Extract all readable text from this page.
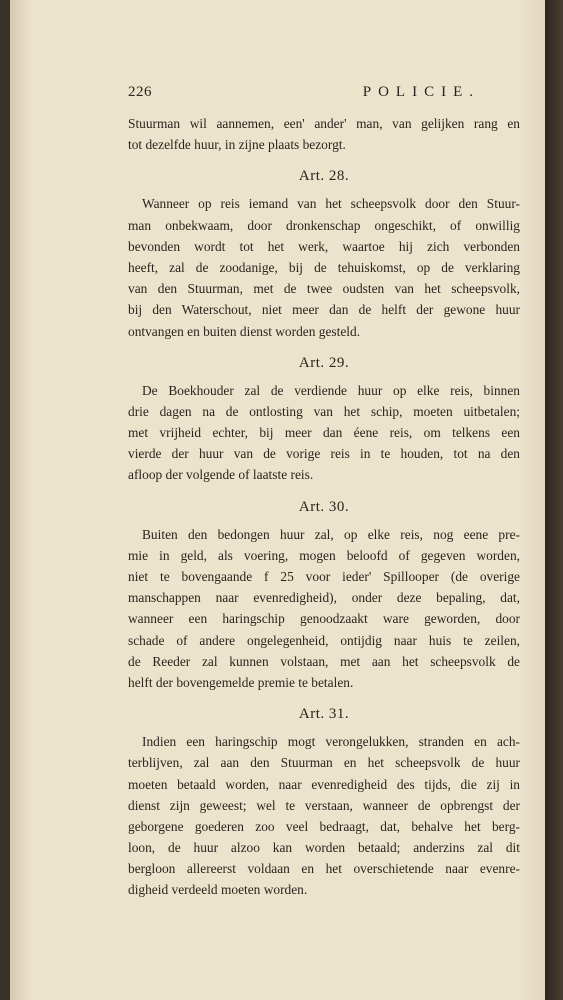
226	POLICIE.
Stuurman wil aannemen, een' ander' man, van gelijken rang en
tot dezelfde huur, in zijne plaats bezorgt.
Art. 28.
Wanneer op reis iemand van het scheepsvolk door den Stuur-
man onbekwaam, door dronkenschap ongeschikt, of onwillig
bevonden wordt tot het werk, waartoe hij zich verbonden
heeft, zal de zoodanige, bij de tehuiskomst, op de verklaring
van den Stuurman, met de twee oudsten van het scheepsvolk,
bij den Waterschout, niet meer dan de helft der gewone huur
ontvangen en buiten dienst worden gesteld.
Art. 29.
De Boekhouder zal de verdiende huur op elke reis, binnen
drie dagen na de ontlosting van het schip, moeten uitbetalen;
met vrijheid echter, bij meer dan éene reis, om telkens een
vierde der huur van de vorige reis in te houden, tot na den
afloop der volgende of laatste reis.
Art. 30.
Buiten den bedongen huur zal, op elke reis, nog eene pre-
mie in geld, als voering, mogen beloofd of gegeven worden,
niet te bovengaande f 25 voor ieder' Spillooper (de overige
manschappen naar evenredigheid), onder deze bepaling, dat,
wanneer een haringschip genoodzaakt ware geworden, door
schade of andere ongelegenheid, ontijdig naar huis te zeilen,
de Reeder zal kunnen volstaan, met aan het scheepsvolk de
helft der bovengemelde premie te betalen.
Art. 31.
Indien een haringschip mogt verongelukken, stranden en ach-
terblijven, zal aan den Stuurman en het scheepsvolk de huur
moeten betaald worden, naar evenredigheid des tijds, die zij in
dienst zijn geweest; wel te verstaan, wanneer de opbrengst der
geborgene goederen zoo veel bedraagt, dat, behalve het berg-
loon, de huur alzoo kan worden betaald; anderzins zal dit
bergloon allereerst voldaan en het overschietende naar evenre-
digheid verdeeld moeten worden.
